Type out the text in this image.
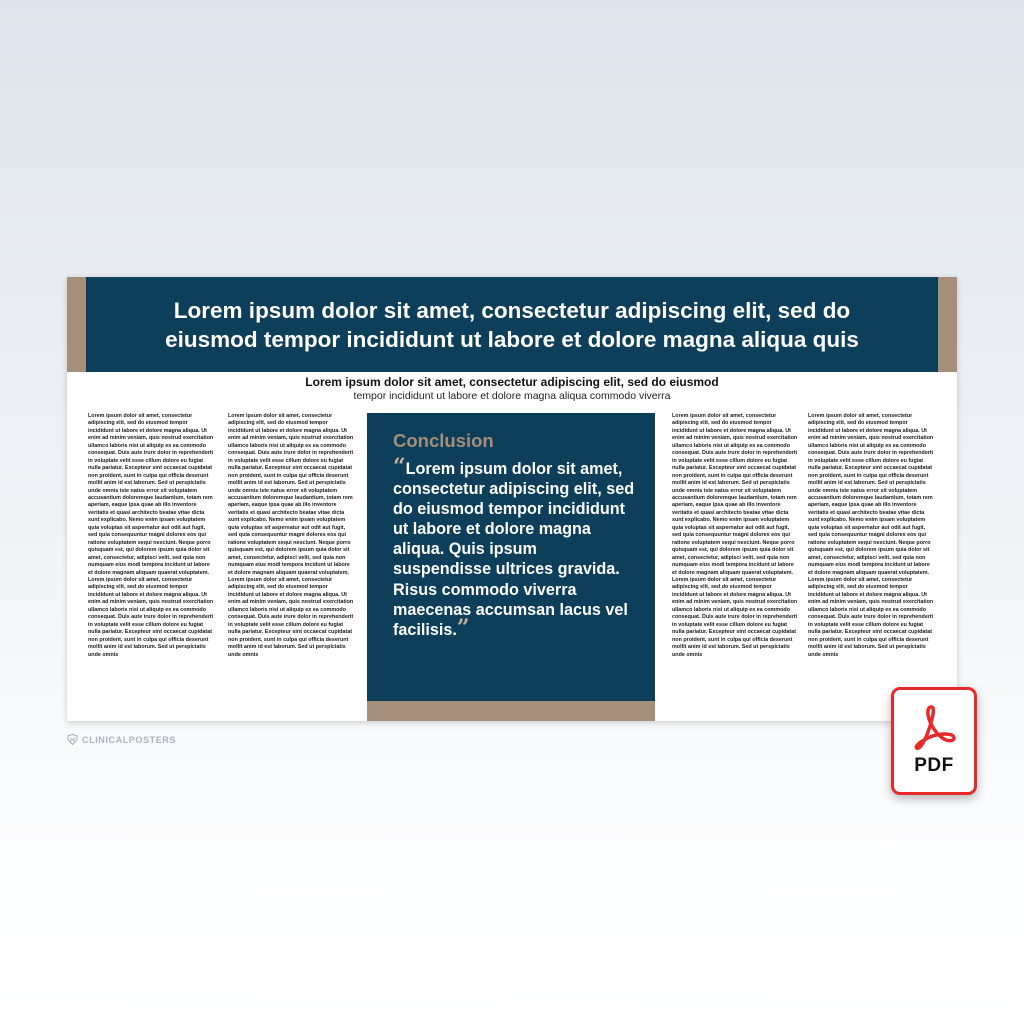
Lorem ipsum dolor sit amet, consectetur adipiscing elit, sed do
eiusmod tempor incididunt ut labore et dolore magna aliqua quis
Lorem ipsum dolor sit amet, consectetur adipiscing elit, sed do eiusmod
tempor incididunt ut labore et dolore magna aliqua commodo viverra
Lorem ipsum dolor sit amet, consectetur adipiscing elit, sed do eiusmod tempor incididunt ut labore et dolore magna aliqua. Ut enim ad minim veniam, quis nostrud exercitation ullamco laboris nisi ut aliquip ex ea commodo consequat. Duis aute irure dolor in reprehenderit in voluptate velit esse cillum dolore eu fugiat nulla pariatur. Excepteur sint occaecat cupidatat non proident, sunt in culpa qui officia deserunt mollit anim id est laborum. Sed ut perspiciatis unde omnis iste natus error sit voluptatem accusantium doloremque laudantium, totam rem aperiam, eaque ipsa quae ab illo inventore veritatis et quasi architecto beatae vitae dicta sunt explicabo. Nemo enim ipsam voluptatem quia voluptas sit aspernatur aut odit aut fugit, sed quia consequuntur magni dolores eos qui ratione voluptatem sequi nesciunt. Neque porro quisquam est, qui dolorem ipsum quia dolor sit amet, consectetur, adipisci velit, sed quia non numquam eius modi tempora incidunt ut labore et dolore magnam aliquam quaerat voluptatem. Lorem ipsum dolor sit amet, consectetur adipiscing elit, sed do eiusmod tempor incididunt ut labore et dolore magna aliqua. Ut enim ad minim veniam, quis nostrud exercitation ullamco laboris nisi ut aliquip ex ea commodo consequat. Duis aute irure dolor in reprehenderit in voluptate velit esse cillum dolore eu fugiat nulla pariatur. Excepteur sint occaecat cupidatat non proident, sunt in culpa qui officia deserunt mollit anim id est laborum. Sed ut perspiciatis unde omnis
Lorem ipsum dolor sit amet, consectetur adipiscing elit, sed do eiusmod tempor incididunt ut labore et dolore magna aliqua. Ut enim ad minim veniam, quis nostrud exercitation ullamco laboris nisi ut aliquip ex ea commodo consequat. Duis aute irure dolor in reprehenderit in voluptate velit esse cillum dolore eu fugiat nulla pariatur. Excepteur sint occaecat cupidatat non proident, sunt in culpa qui officia deserunt mollit anim id est laborum. Sed ut perspiciatis unde omnis iste natus error sit voluptatem accusantium doloremque laudantium, totam rem aperiam, eaque ipsa quae ab illo inventore veritatis et quasi architecto beatae vitae dicta sunt explicabo. Nemo enim ipsam voluptatem quia voluptas sit aspernatur aut odit aut fugit, sed quia consequuntur magni dolores eos qui ratione voluptatem sequi nesciunt. Neque porro quisquam est, qui dolorem ipsum quia dolor sit amet, consectetur, adipisci velit, sed quia non numquam eius modi tempora incidunt ut labore et dolore magnam aliquam quaerat voluptatem. Lorem ipsum dolor sit amet, consectetur adipiscing elit, sed do eiusmod tempor incididunt ut labore et dolore magna aliqua. Ut enim ad minim veniam, quis nostrud exercitation ullamco laboris nisi ut aliquip ex ea commodo consequat. Duis aute irure dolor in reprehenderit in voluptate velit esse cillum dolore eu fugiat nulla pariatur. Excepteur sint occaecat cupidatat non proident, sunt in culpa qui officia deserunt mollit anim id est laborum. Sed ut perspiciatis unde omnis
Conclusion
“Lorem ipsum dolor sit amet, consectetur adipiscing elit, sed do eiusmod tempor incididunt ut labore et dolore magna aliqua. Quis ipsum suspendisse ultrices gravida. Risus commodo viverra maecenas accumsan lacus vel facilisis.”
Lorem ipsum dolor sit amet, consectetur adipiscing elit, sed do eiusmod tempor incididunt ut labore et dolore magna aliqua. Ut enim ad minim veniam, quis nostrud exercitation ullamco laboris nisi ut aliquip ex ea commodo consequat. Duis aute irure dolor in reprehenderit in voluptate velit esse cillum dolore eu fugiat nulla pariatur. Excepteur sint occaecat cupidatat non proident, sunt in culpa qui officia deserunt mollit anim id est laborum. Sed ut perspiciatis unde omnis iste natus error sit voluptatem accusantium doloremque laudantium, totam rem aperiam, eaque ipsa quae ab illo inventore veritatis et quasi architecto beatae vitae dicta sunt explicabo. Nemo enim ipsam voluptatem quia voluptas sit aspernatur aut odit aut fugit, sed quia consequuntur magni dolores eos qui ratione voluptatem sequi nesciunt. Neque porro quisquam est, qui dolorem ipsum quia dolor sit amet, consectetur, adipisci velit, sed quia non numquam eius modi tempora incidunt ut labore et dolore magnam aliquam quaerat voluptatem. Lorem ipsum dolor sit amet, consectetur adipiscing elit, sed do eiusmod tempor incididunt ut labore et dolore magna aliqua. Ut enim ad minim veniam, quis nostrud exercitation ullamco laboris nisi ut aliquip ex ea commodo consequat. Duis aute irure dolor in reprehenderit in voluptate velit esse cillum dolore eu fugiat nulla pariatur. Excepteur sint occaecat cupidatat non proident, sunt in culpa qui officia deserunt mollit anim id est laborum. Sed ut perspiciatis unde omnis
Lorem ipsum dolor sit amet, consectetur adipiscing elit, sed do eiusmod tempor incididunt ut labore et dolore magna aliqua. Ut enim ad minim veniam, quis nostrud exercitation ullamco laboris nisi ut aliquip ex ea commodo consequat. Duis aute irure dolor in reprehenderit in voluptate velit esse cillum dolore eu fugiat nulla pariatur. Excepteur sint occaecat cupidatat non proident, sunt in culpa qui officia deserunt mollit anim id est laborum. Sed ut perspiciatis unde omnis iste natus error sit voluptatem accusantium doloremque laudantium, totam rem aperiam, eaque ipsa quae ab illo inventore veritatis et quasi architecto beatae vitae dicta sunt explicabo. Nemo enim ipsam voluptatem quia voluptas sit aspernatur aut odit aut fugit, sed quia consequuntur magni dolores eos qui ratione voluptatem sequi nesciunt. Neque porro quisquam est, qui dolorem ipsum quia dolor sit amet, consectetur, adipisci velit, sed quia non numquam eius modi tempora incidunt ut labore et dolore magnam aliquam quaerat voluptatem. Lorem ipsum dolor sit amet, consectetur adipiscing elit, sed do eiusmod tempor incididunt ut labore et dolore magna aliqua. Ut enim ad minim veniam, quis nostrud exercitation ullamco laboris nisi ut aliquip ex ea commodo consequat. Duis aute irure dolor in reprehenderit in voluptate velit esse cillum dolore eu fugiat nulla pariatur. Excepteur sint occaecat cupidatat non proident, sunt in culpa qui officia deserunt mollit anim id est laborum. Sed ut perspiciatis unde omnis
CLINICALPOSTERS
PDF
